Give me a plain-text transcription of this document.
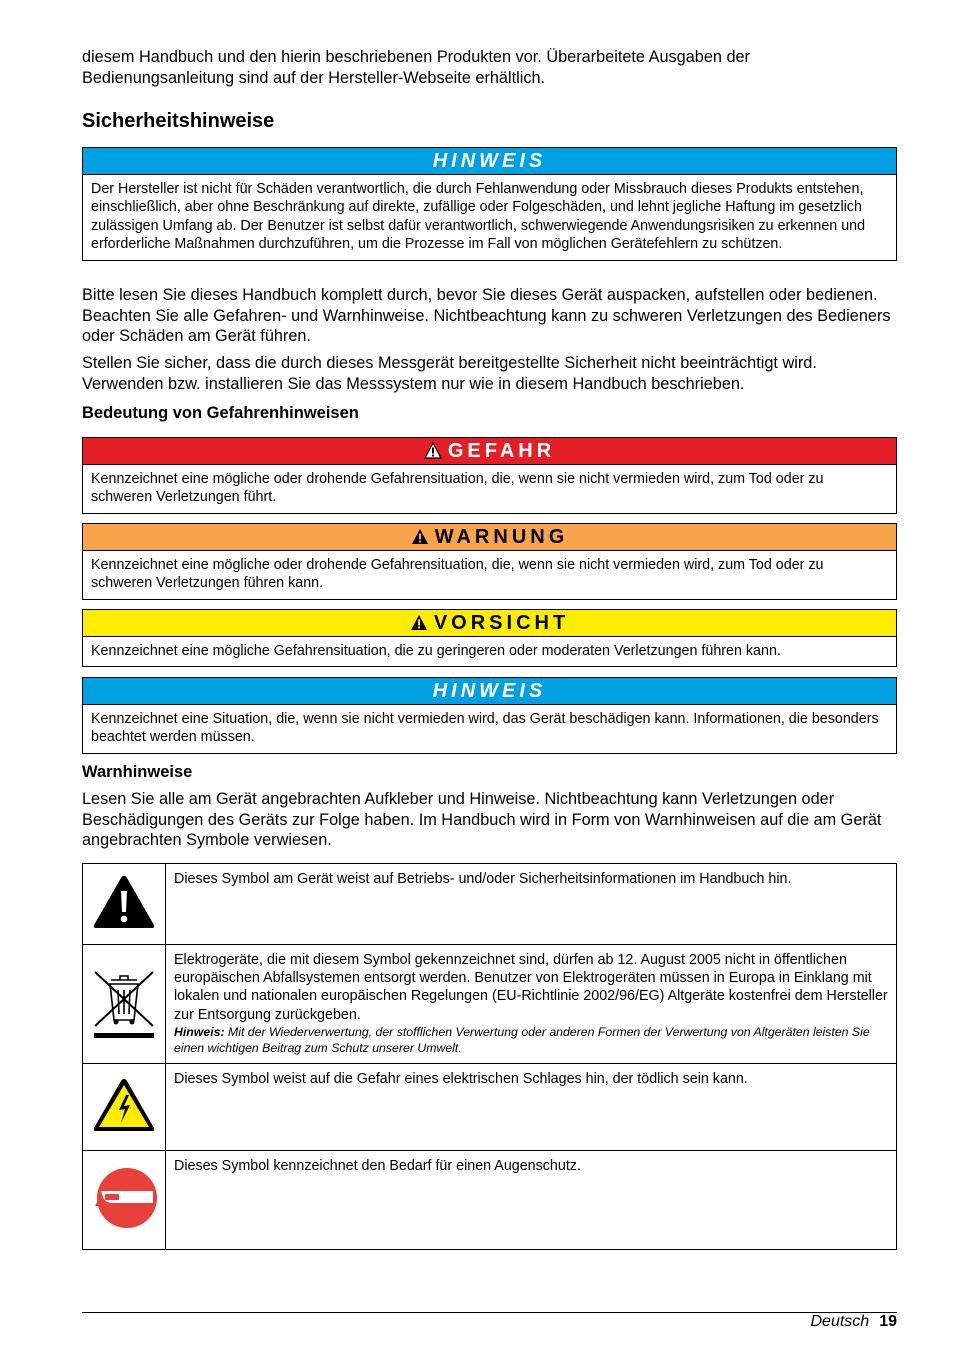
diesem Handbuch und den hierin beschriebenen Produkten vor. Überarbeitete Ausgaben der Bedienungsanleitung sind auf der Hersteller-Webseite erhältlich.

Sicherheitshinweise
HINWEIS
Der Hersteller ist nicht für Schäden verantwortlich, die durch Fehlanwendung oder Missbrauch dieses Produkts entstehen, einschließlich, aber ohne Beschränkung auf direkte, zufällige oder Folgeschäden, und lehnt jegliche Haftung im gesetzlich zulässigen Umfang ab. Der Benutzer ist selbst dafür verantwortlich, schwerwiegende Anwendungsrisiken zu erkennen und erforderliche Maßnahmen durchzuführen, um die Prozesse im Fall von möglichen Gerätefehlern zu schützen.

Bitte lesen Sie dieses Handbuch komplett durch, bevor Sie dieses Gerät auspacken, aufstellen oder bedienen. Beachten Sie alle Gefahren- und Warnhinweise. Nichtbeachtung kann zu schweren Verletzungen des Bedieners oder Schäden am Gerät führen.

Stellen Sie sicher, dass die durch dieses Messgerät bereitgestellte Sicherheit nicht beeinträchtigt wird. Verwenden bzw. installieren Sie das Messsystem nur wie in diesem Handbuch beschrieben.

Bedeutung von Gefahrenhinweisen
GEFAHR
Kennzeichnet eine mögliche oder drohende Gefahrensituation, die, wenn sie nicht vermieden wird, zum Tod oder zu schweren Verletzungen führt.
WARNUNG
Kennzeichnet eine mögliche oder drohende Gefahrensituation, die, wenn sie nicht vermieden wird, zum Tod oder zu schweren Verletzungen führen kann.
VORSICHT
Kennzeichnet eine mögliche Gefahrensituation, die zu geringeren oder moderaten Verletzungen führen kann.
HINWEIS
Kennzeichnet eine Situation, die, wenn sie nicht vermieden wird, das Gerät beschädigen kann. Informationen, die besonders beachtet werden müssen.
Warnhinweise

Lesen Sie alle am Gerät angebrachten Aufkleber und Hinweise. Nichtbeachtung kann Verletzungen oder Beschädigungen des Geräts zur Folge haben. Im Handbuch wird in Form von Warnhinweisen auf die am Gerät angebrachten Symbole verwiesen.

	Dieses Symbol am Gerät weist auf Betriebs- und/oder Sicherheitsinformationen im Handbuch hin.

Elektrogeräte, die mit diesem Symbol gekennzeichnet sind, dürfen ab 12. August 2005 nicht in öffentlichen europäischen Abfallsystemen entsorgt werden. Benutzer von Elektrogeräten müssen in Europa in Einklang mit lokalen und nationalen europäischen Regelungen (EU-Richtlinie 2002/96/EG) Altgeräte kostenfrei dem Hersteller zur Entsorgung zurückgeben.
Hinweis: Mit der Wiederverwertung, der stofflichen Verwertung oder anderen Formen der Verwertung von Altgeräten leisten Sie einen wichtigen Beitrag zum Schutz unserer Umwelt.

	Dieses Symbol weist auf die Gefahr eines elektrischen Schlages hin, der tödlich sein kann.
	Dieses Symbol kennzeichnet den Bedarf für einen Augenschutz.
Deutsch 19
